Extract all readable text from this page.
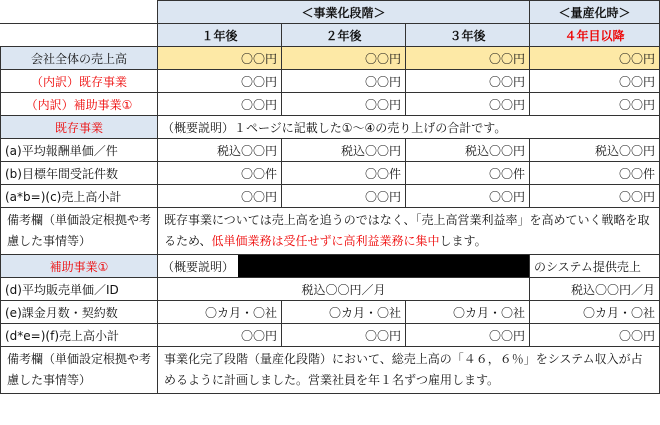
	＜事業化段階＞			＜量産化時＞
	１年後	２年後	３年後	４年目以降
会社全体の売上高	〇〇円	〇〇円	〇〇円	〇〇円
（内訳）既存事業	〇〇円	〇〇円	〇〇円	〇〇円
（内訳）補助事業①	〇〇円	〇〇円	〇〇円	〇〇円
既存事業	（概要説明）１ページに記載した①～④の売り上げの合計です。			
(a)平均報酬単価／件	税込〇〇円	税込〇〇円	税込〇〇円	税込〇〇円
(b)目標年間受託件数	〇〇件	〇〇件	〇〇件	〇〇件
(a*b=)(c)売上高小計	〇〇円	〇〇円	〇〇円	〇〇円
備考欄（単価設定根拠や考慮した事情等）	既存事業については売上高を追うのではなく、「売上高営業利益率」を高めていく戦略を取るため、低単価業務は受任せずに高利益業務に集中します。			
補助事業①	（概要説明）			のシステム提供売上
(d)平均販売単価／ID	税込〇〇円／月			税込〇〇円／月
(e)課金月数・契約数	〇カ月・〇社	〇カ月・〇社	〇カ月・〇社	〇カ月・〇社
(d*e=)(f)売上高小計	〇〇円	〇〇円	〇〇円	〇〇円
備考欄（単価設定根拠や考慮した事情等）	事業化完了段階（量産化段階）において、総売上高の「４６，６％」をシステム収入が占めるように計画しました。営業社員を年１名ずつ雇用します。			
